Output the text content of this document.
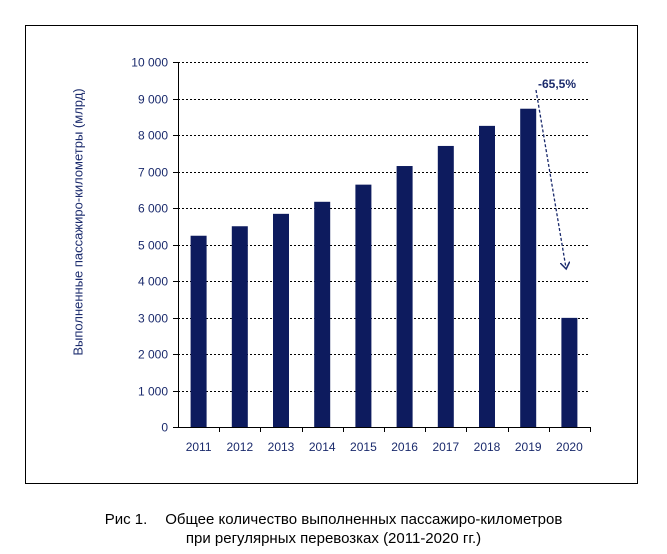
0
1 000
2 000
3 000
4 000
5 000
6 000
7 000
8 000
9 000
10 000
2011 2012 2013 2014 2015 2016 2017 2018 2019 2020
-65,5%
Выполненные пассажиро-километры (млрд)
Рис 1. Общее количество выполненных пассажиро-километров
при регулярных перевозках (2011-2020 гг.)
